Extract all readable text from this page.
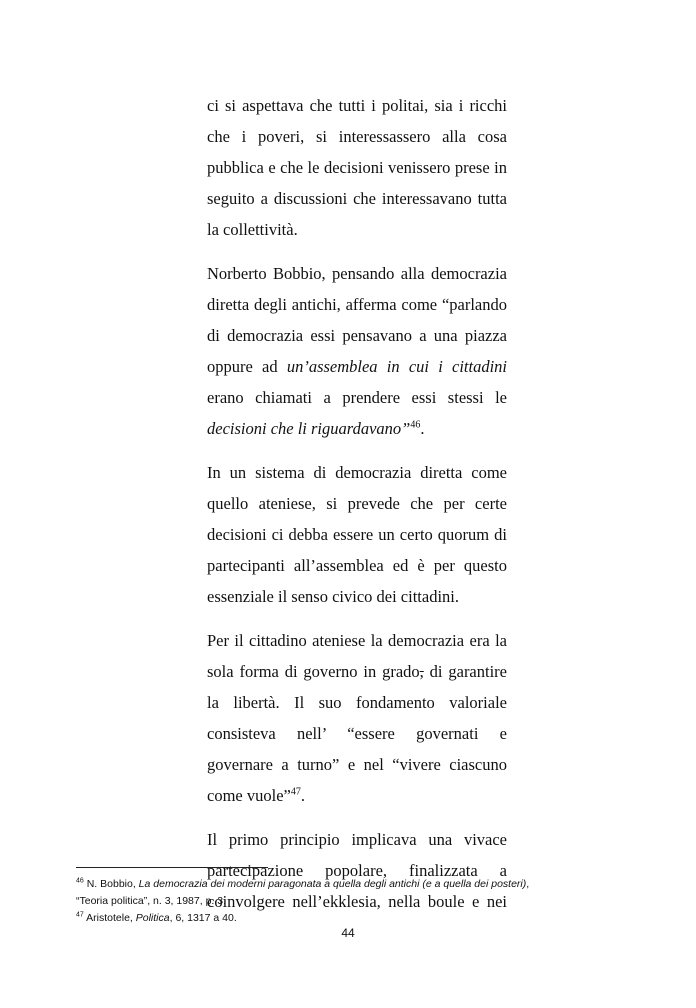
ci si aspettava che tutti i politai, sia i ricchi
che i poveri, si interessassero alla cosa
pubblica e che le decisioni venissero prese in
seguito a discussioni che interessavano tutta
la collettività.
Norberto Bobbio, pensando alla democrazia
diretta degli antichi, afferma come “parlando
di democrazia essi pensavano a una piazza
oppure ad un’assemblea in cui i cittadini
erano chiamati a prendere essi stessi le
decisioni che li riguardavano”$^{46}$.
In un sistema di democrazia diretta come
quello ateniese, si prevede che per certe
decisioni ci debba essere un certo quorum di
partecipanti all’assemblea ed è per questo
essenziale il senso civico dei cittadini.
Per il cittadino ateniese la democrazia era la
sola forma di governo in grado, di garantire
la libertà. Il suo fondamento valoriale
consisteva nell’ “essere governati e
governare a turno” e nel “vivere ciascuno
come vuole”$^{47}$.
Il primo principio implicava una vivace
partecipazione popolare, finalizzata a
coinvolgere nell’ekklesia, nella boule e nei
$^{46}$ N. Bobbio, La democrazia dei moderni paragonata a quella degli antichi (e a quella dei posteri),
“Teoria politica”, n. 3, 1987, p. 3.
$^{47}$ Aristotele, Politica, 6, 1317 a 40.
44
